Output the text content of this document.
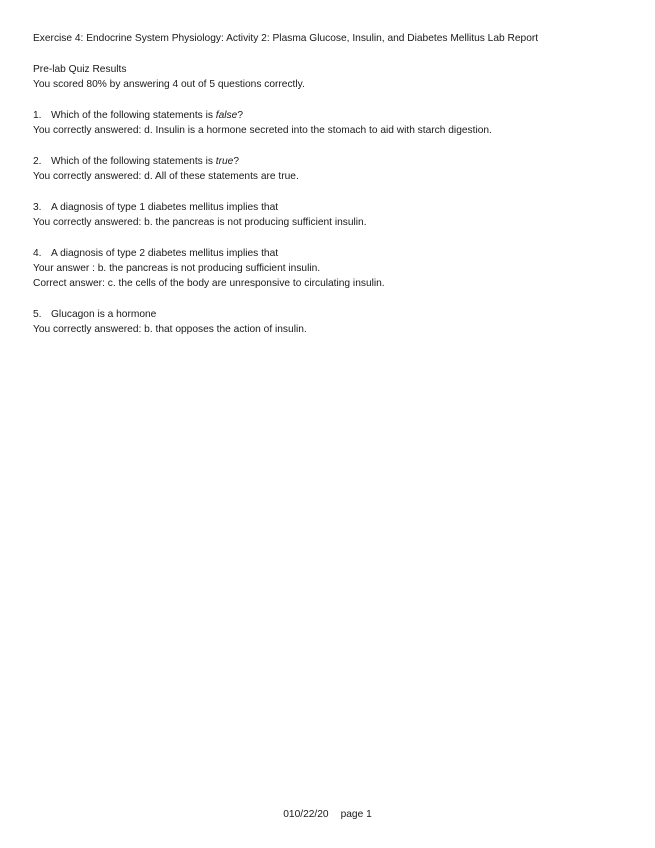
Exercise 4: Endocrine System Physiology: Activity 2: Plasma Glucose, Insulin, and Diabetes Mellitus Lab Report
Pre-lab Quiz Results
You scored 80% by answering 4 out of 5 questions correctly.
1. Which of the following statements is false?
You correctly answered: d. Insulin is a hormone secreted into the stomach to aid with starch digestion.
2. Which of the following statements is true?
You correctly answered: d. All of these statements are true.
3. A diagnosis of type 1 diabetes mellitus implies that
You correctly answered: b. the pancreas is not producing sufficient insulin.
4. A diagnosis of type 2 diabetes mellitus implies that
Your answer : b. the pancreas is not producing sufficient insulin.
Correct answer: c. the cells of the body are unresponsive to circulating insulin.
5. Glucagon is a hormone
You correctly answered: b. that opposes the action of insulin.
010/22/20 page 1
